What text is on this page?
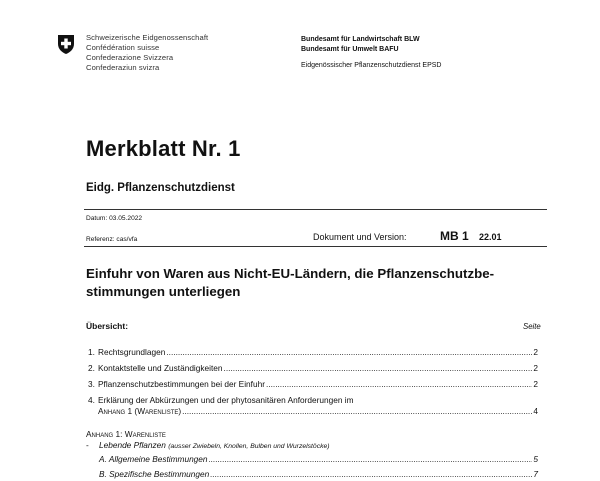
Schweizerische Eidgenossenschaft
Confédération suisse
Confederazione Svizzera
Confederaziun svizra
Bundesamt für Landwirtschaft BLW
Bundesamt für Umwelt BAFU
Eidgenössischer Pflanzenschutzdienst EPSD
Merkblatt Nr. 1
Eidg. Pflanzenschutzdienst
Datum: 03.05.2022
Referenz: cas/vfa	Dokument und Version:	MB 1 22.01
Einfuhr von Waren aus Nicht-EU-Ländern, die Pflanzenschutzbe-
stimmungen unterliegen
Übersicht:	Seite
1. Rechtsgrundlagen .....	2
2. Kontaktstelle und Zuständigkeiten .....	2
3. Pflanzenschutzbestimmungen bei der Einfuhr .....	2
4. Erklärung der Abkürzungen und der phytosanitären Anforderungen im
Anhang 1 (Warenliste) .....	4
Anhang 1: Warenliste
- Lebende Pflanzen (ausser Zwiebeln, Knollen, Bulben und Wurzelstöcke)
A. Allgemeine Bestimmungen .....	5
B. Spezifische Bestimmungen .....	7
